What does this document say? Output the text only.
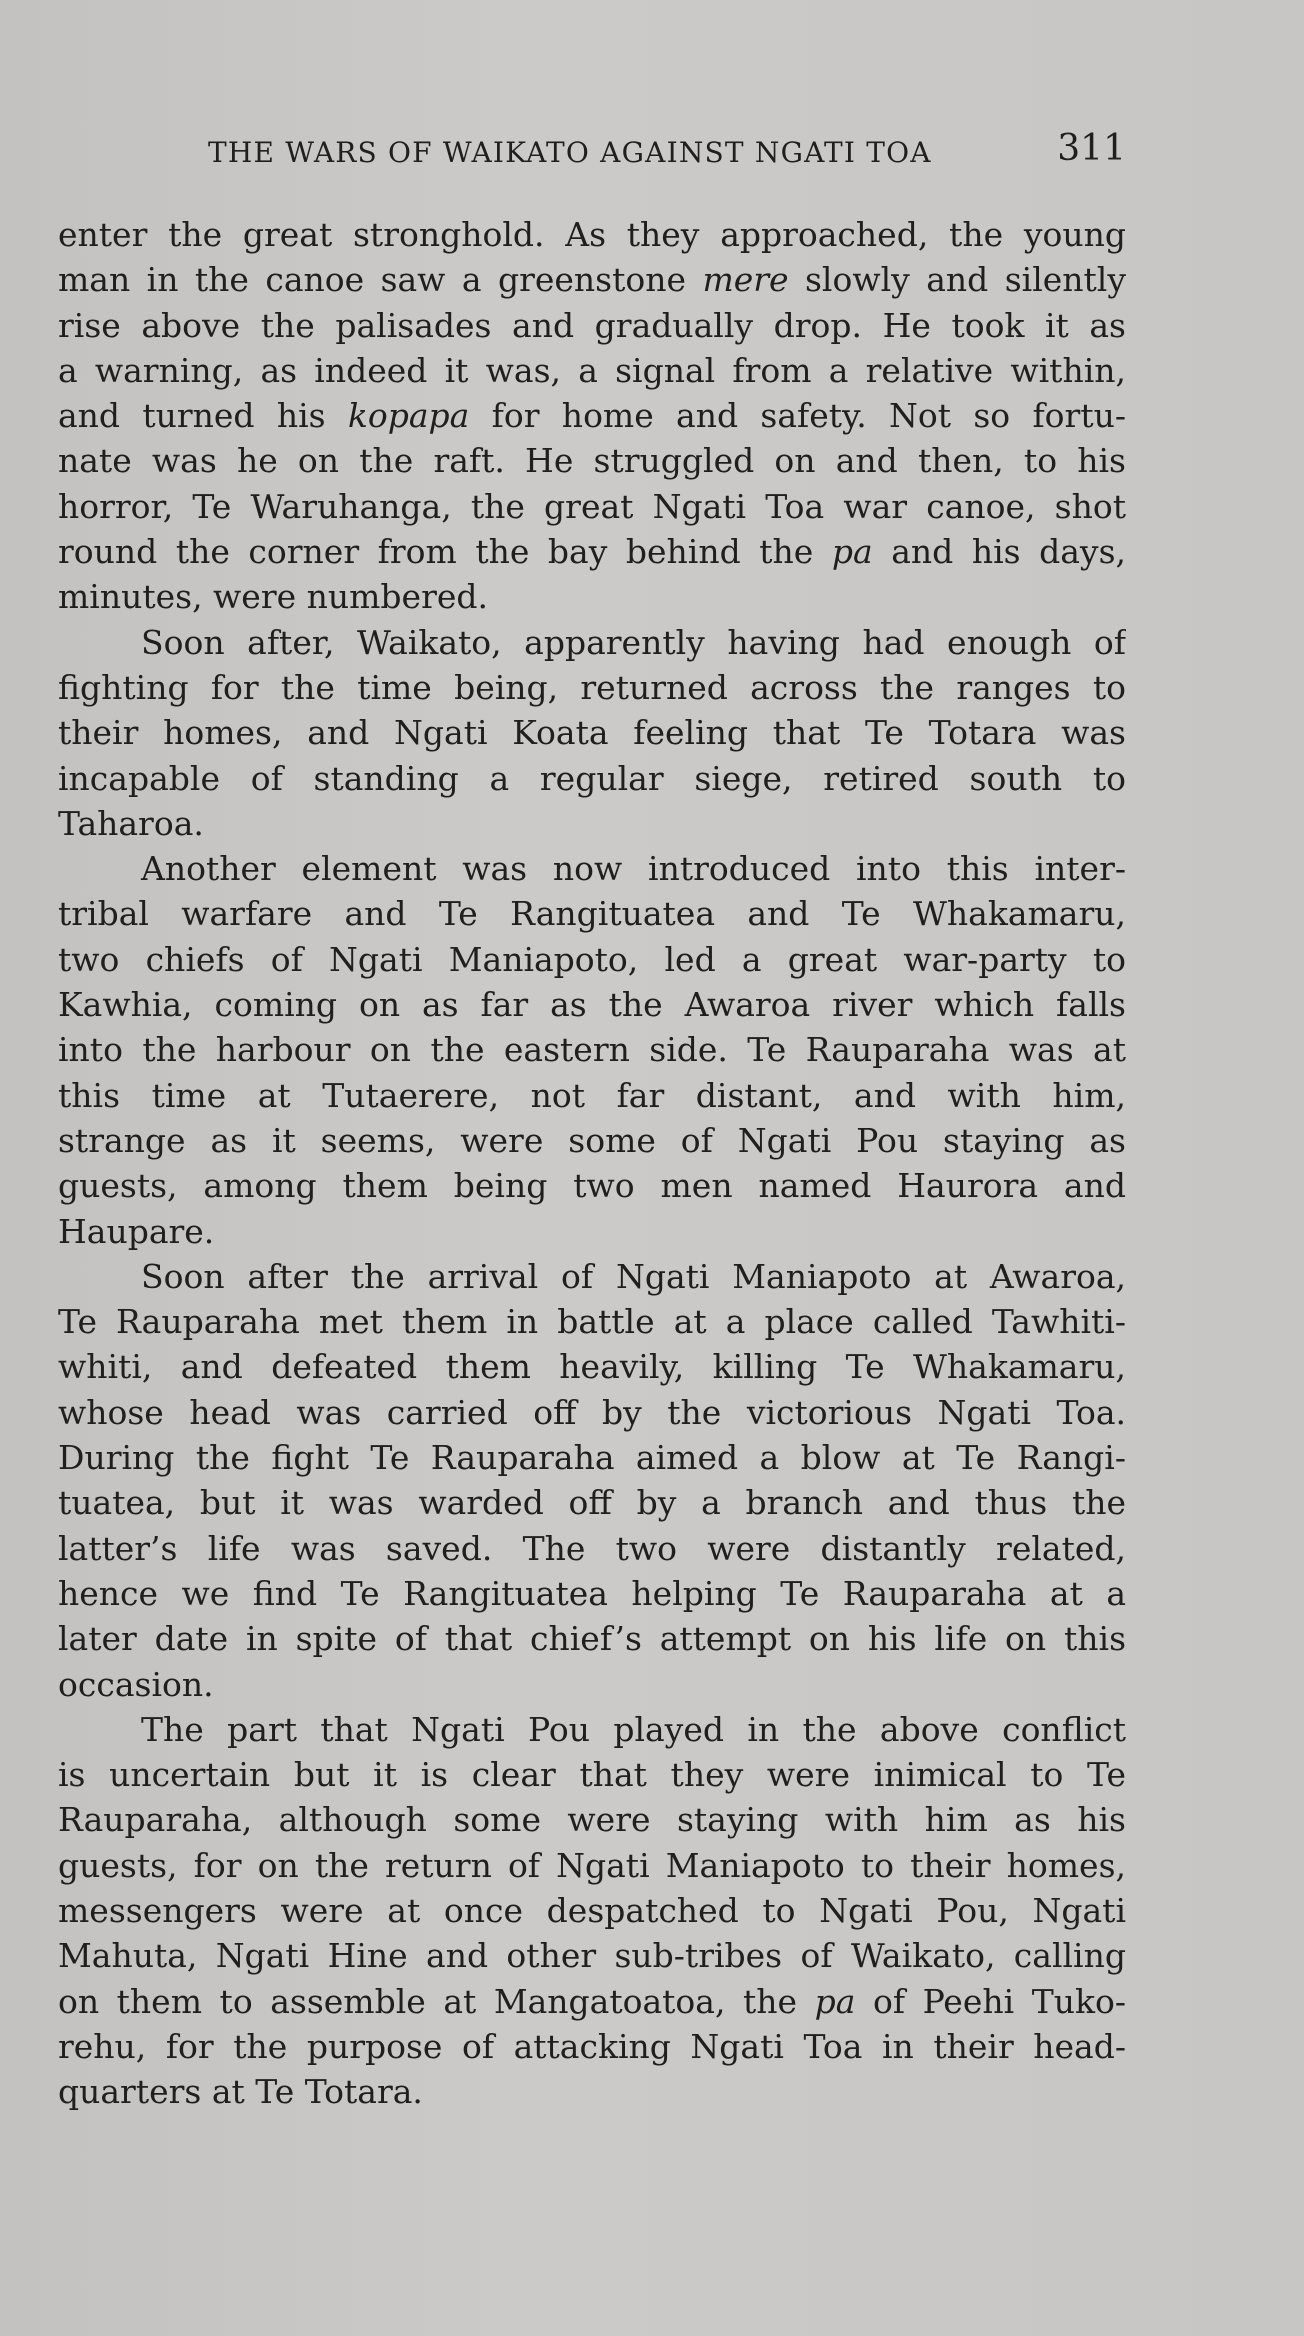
THE WARS OF WAIKATO AGAINST NGATI TOA	311
enter the great stronghold. As they approached, the young
man in the canoe saw a greenstone mere slowly and silently
rise above the palisades and gradually drop. He took it as
a warning, as indeed it was, a signal from a relative within,
and turned his kopapa for home and safety. Not so fortu-
nate was he on the raft. He struggled on and then, to his
horror, Te Waruhanga, the great Ngati Toa war canoe, shot
round the corner from the bay behind the pa and his days,
minutes, were numbered.
Soon after, Waikato, apparently having had enough of
fighting for the time being, returned across the ranges to
their homes, and Ngati Koata feeling that Te Totara was
incapable of standing a regular siege, retired south to
Taharoa.
Another element was now introduced into this inter-
tribal warfare and Te Rangituatea and Te Whakamaru,
two chiefs of Ngati Maniapoto, led a great war-party to
Kawhia, coming on as far as the Awaroa river which falls
into the harbour on the eastern side. Te Rauparaha was at
this time at Tutaerere, not far distant, and with him,
strange as it seems, were some of Ngati Pou staying as
guests, among them being two men named Haurora and
Haupare.
Soon after the arrival of Ngati Maniapoto at Awaroa,
Te Rauparaha met them in battle at a place called Tawhiti-
whiti, and defeated them heavily, killing Te Whakamaru,
whose head was carried off by the victorious Ngati Toa.
During the fight Te Rauparaha aimed a blow at Te Rangi-
tuatea, but it was warded off by a branch and thus the
latter’s life was saved. The two were distantly related,
hence we find Te Rangituatea helping Te Rauparaha at a
later date in spite of that chief’s attempt on his life on this
occasion.
The part that Ngati Pou played in the above conflict
is uncertain but it is clear that they were inimical to Te
Rauparaha, although some were staying with him as his
guests, for on the return of Ngati Maniapoto to their homes,
messengers were at once despatched to Ngati Pou, Ngati
Mahuta, Ngati Hine and other sub-tribes of Waikato, calling
on them to assemble at Mangatoatoa, the pa of Peehi Tuko-
rehu, for the purpose of attacking Ngati Toa in their head-
quarters at Te Totara.
